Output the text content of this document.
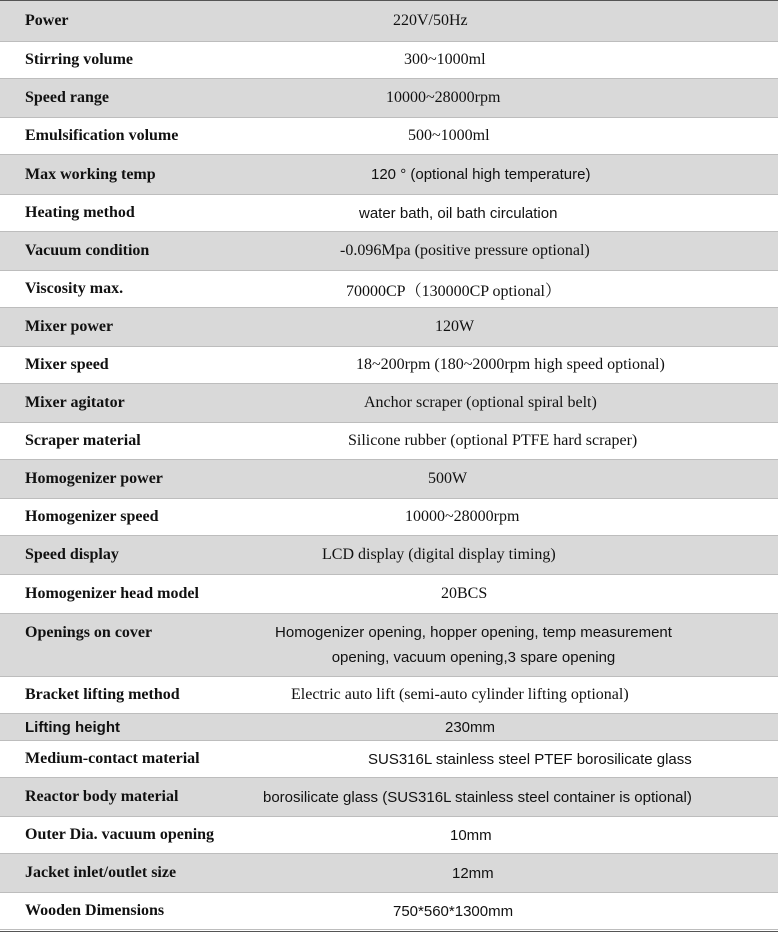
Power	220V/50Hz
Stirring volume	300~1000ml
Speed range	10000~28000rpm
Emulsification volume	500~1000ml
Max working temp	120 ° (optional high temperature)
Heating method	water bath, oil bath circulation
Vacuum condition	-0.096Mpa (positive pressure optional)
Viscosity max.	70000CP（130000CP optional）
Mixer power	120W
Mixer speed	18~200rpm (180~2000rpm high speed optional)
Mixer agitator	Anchor scraper (optional spiral belt)
Scraper material	Silicone rubber (optional PTFE hard scraper)
Homogenizer power	500W
Homogenizer speed	10000~28000rpm
Speed display	LCD display (digital display timing)
Homogenizer head model	20BCS
Openings on cover	Homogenizer opening, hopper opening, temp measurement
opening, vacuum opening,3 spare opening
Bracket lifting method	Electric auto lift (semi-auto cylinder lifting optional)
Lifting height	230mm
Medium-contact material	SUS316L stainless steel PTEF borosilicate glass
Reactor body material	borosilicate glass (SUS316L stainless steel container is optional)
Outer Dia. vacuum opening	10mm
Jacket inlet/outlet size	12mm
Wooden Dimensions	750*560*1300mm
